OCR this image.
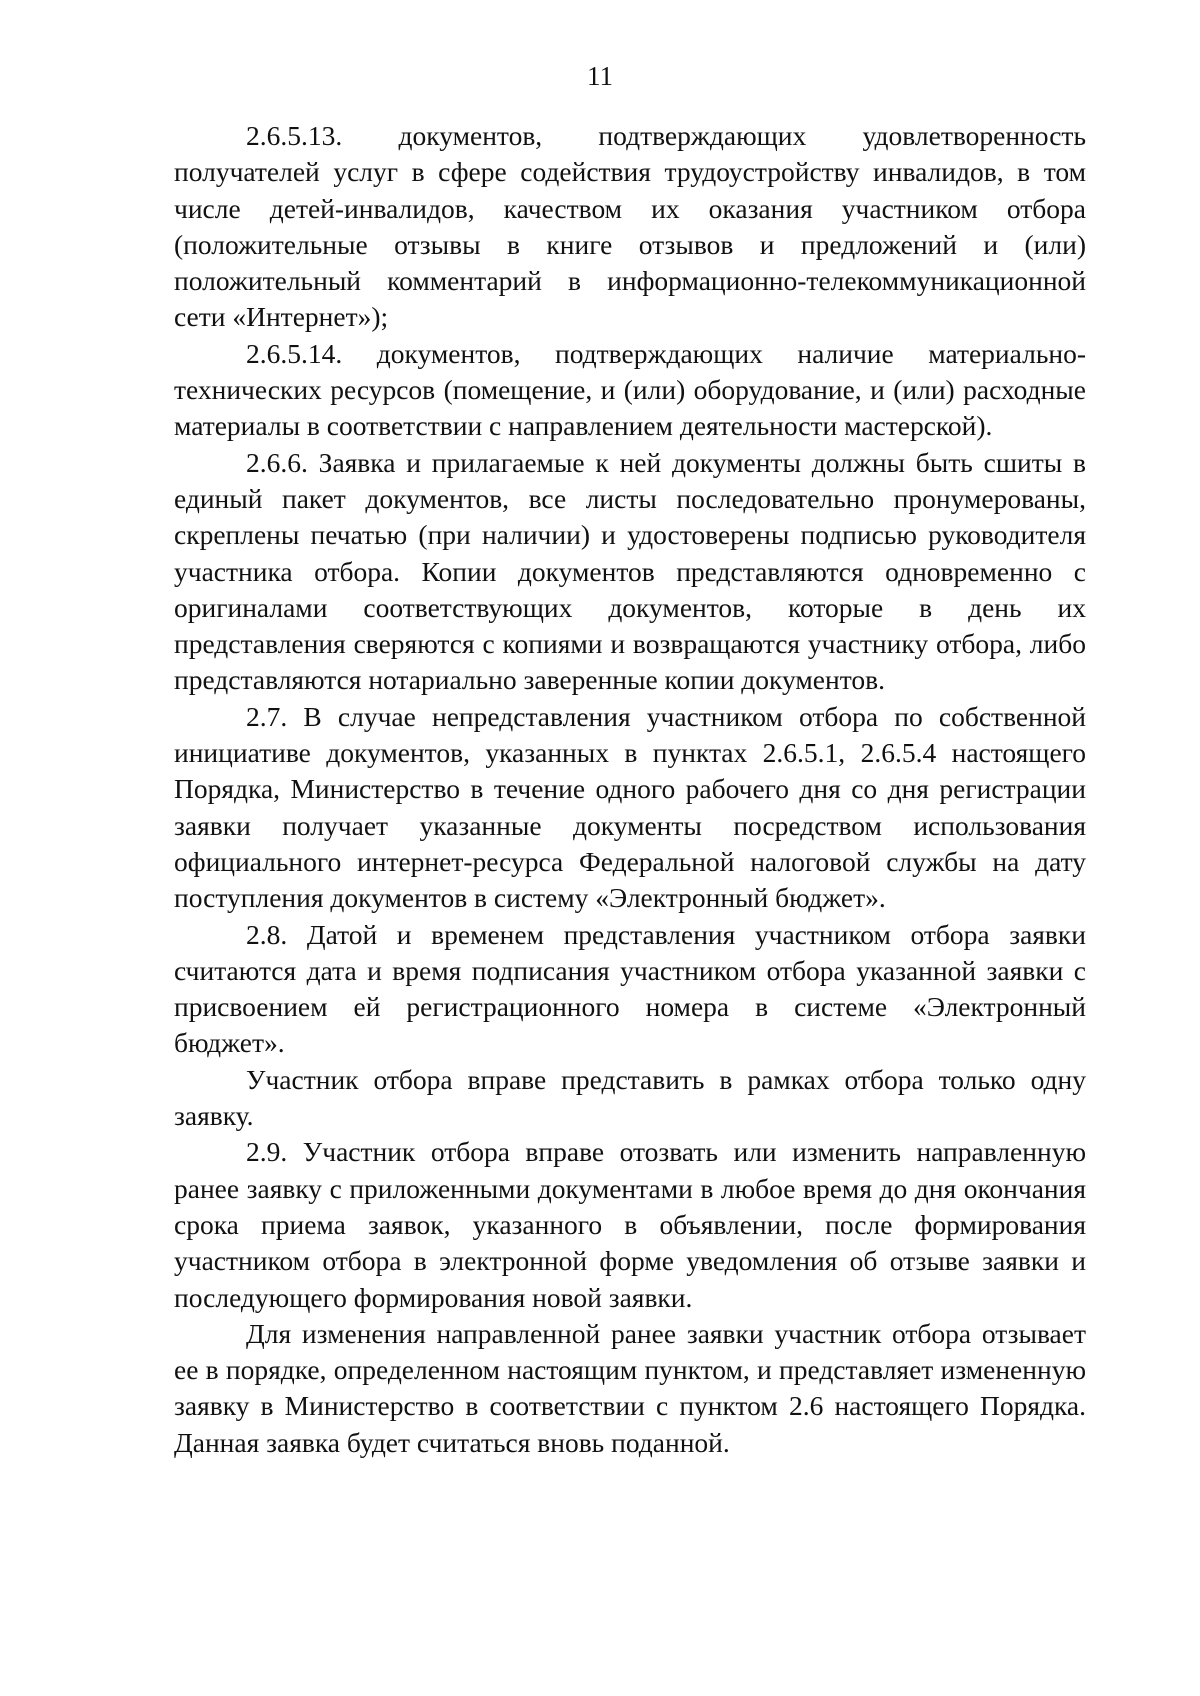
11

2.6.5.13. документов, подтверждающих удовлетворенность получателей услуг в сфере содействия трудоустройству инвалидов, в том числе детей-инвалидов, качеством их оказания участником отбора (положительные отзывы в книге отзывов и предложений и (или) положительный комментарий в информационно-телекоммуникационной сети «Интернет»);

2.6.5.14. документов, подтверждающих наличие материально-технических ресурсов (помещение, и (или) оборудование, и (или) расходные материалы в соответствии с направлением деятельности мастерской).

2.6.6. Заявка и прилагаемые к ней документы должны быть сшиты в единый пакет документов, все листы последовательно пронумерованы, скреплены печатью (при наличии) и удостоверены подписью руководителя участника отбора. Копии документов представляются одновременно с оригиналами соответствующих документов, которые в день их представления сверяются с копиями и возвращаются участнику отбора, либо представляются нотариально заверенные копии документов.

2.7. В случае непредставления участником отбора по собственной инициативе документов, указанных в пунктах 2.6.5.1, 2.6.5.4 настоящего Порядка, Министерство в течение одного рабочего дня со дня регистрации заявки получает указанные документы посредством использования официального интернет-ресурса Федеральной налоговой службы на дату поступления документов в систему «Электронный бюджет».

2.8. Датой и временем представления участником отбора заявки считаются дата и время подписания участником отбора указанной заявки с присвоением ей регистрационного номера в системе «Электронный бюджет».

Участник отбора вправе представить в рамках отбора только одну заявку.

2.9. Участник отбора вправе отозвать или изменить направленную ранее заявку с приложенными документами в любое время до дня окончания срока приема заявок, указанного в объявлении, после формирования участником отбора в электронной форме уведомления об отзыве заявки и последующего формирования новой заявки.

Для изменения направленной ранее заявки участник отбора отзывает ее в порядке, определенном настоящим пунктом, и представляет измененную заявку в Министерство в соответствии с пунктом 2.6 настоящего Порядка. Данная заявка будет считаться вновь поданной.
